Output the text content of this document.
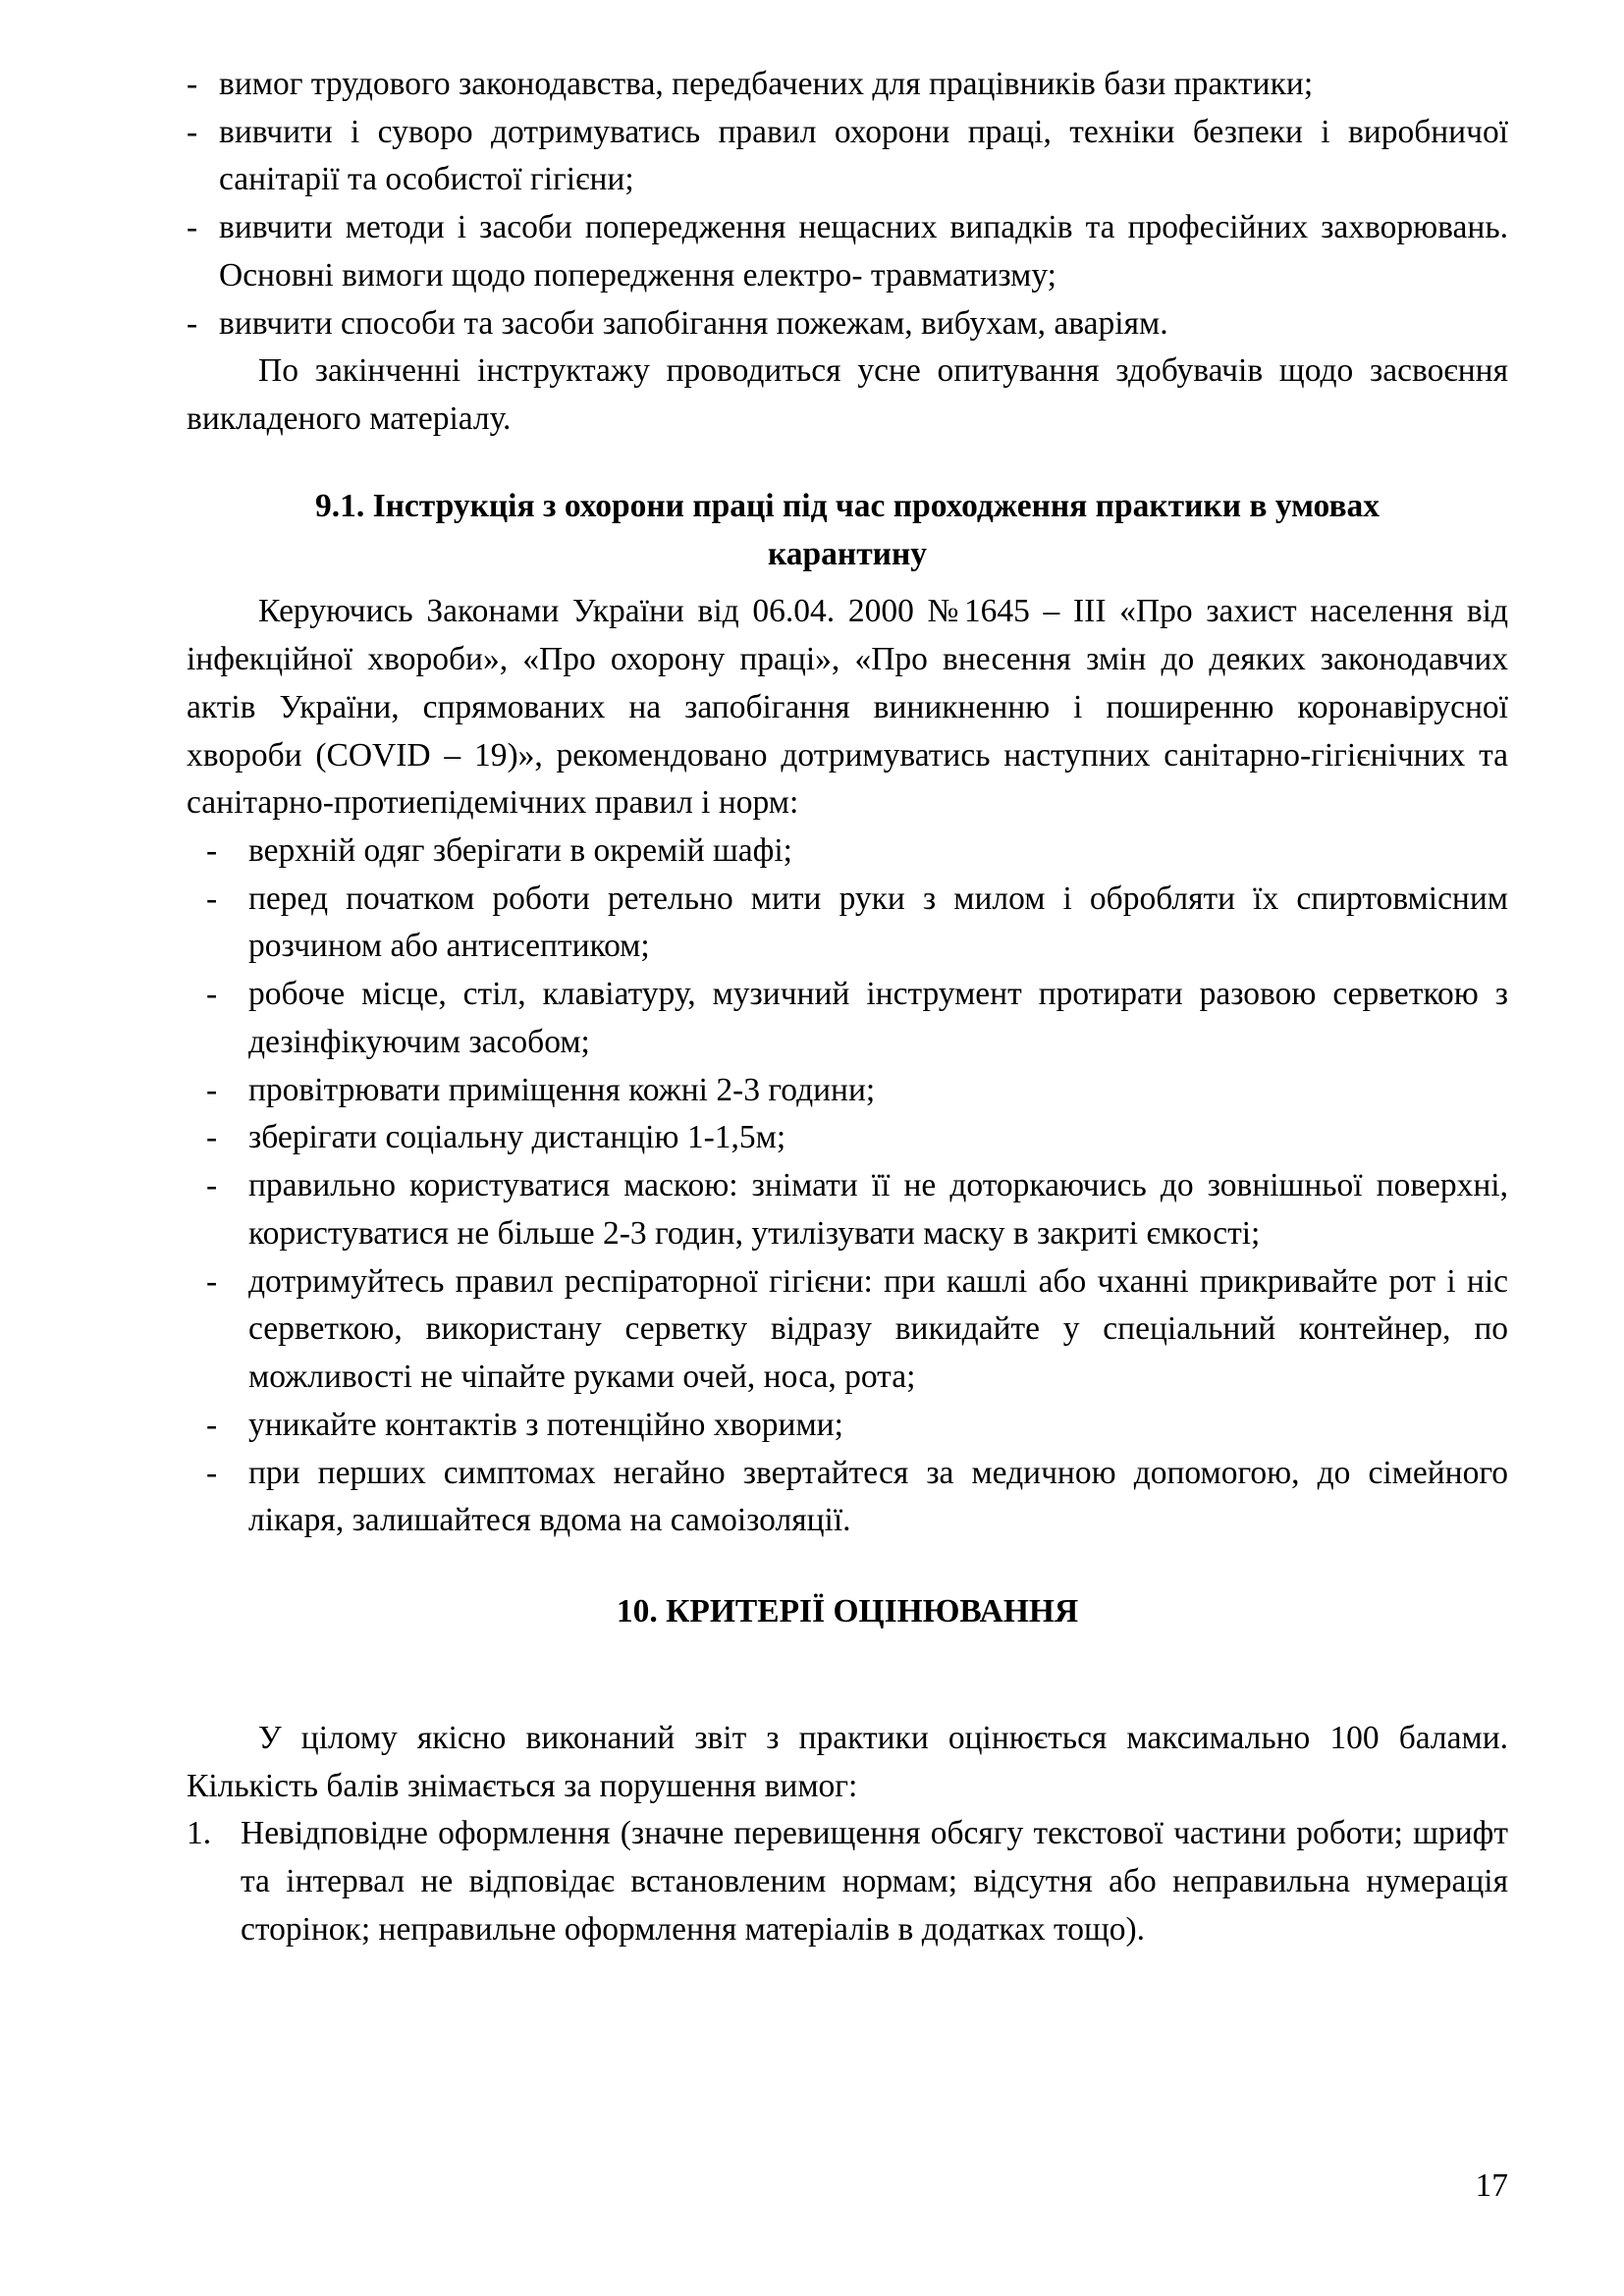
- вимог трудового законодавства, передбачених для працівників бази практики;
- вивчити і суворо дотримуватись правил охорони праці, техніки безпеки і виробничої санітарії та особистої гігієни;
- вивчити методи і засоби попередження нещасних випадків та професійних захворювань. Основні вимоги щодо попередження електро- травматизму;
- вивчити способи та засоби запобігання пожежам, вибухам, аваріям.

По закінченні інструктажу проводиться усне опитування здобувачів щодо засвоєння викладеного матеріалу.

9.1. Інструкція з охорони праці під час проходження практики в умовах
карантину

Керуючись Законами України від 06.04. 2000 №1645 – III «Про захист населення від інфекційної хвороби», «Про охорону праці», «Про внесення змін до деяких законодавчих актів України, спрямованих на запобігання виникненню і поширенню коронавірусної хвороби (COVID – 19)», рекомендовано дотримуватись наступних санітарно-гігієнічних та санітарно-протиепідемічних правил і норм:

- верхній одяг зберігати в окремій шафі;
- перед початком роботи ретельно мити руки з милом і обробляти їх спиртовмісним розчином або антисептиком;
- робоче місце, стіл, клавіатуру, музичний інструмент протирати разовою серветкою з дезінфікуючим засобом;
- провітрювати приміщення кожні 2-3 години;
- зберігати соціальну дистанцію 1-1,5м;
- правильно користуватися маскою: знімати її не доторкаючись до зовнішньої поверхні, користуватися не більше 2-3 годин, утилізувати маску в закриті ємкості;
- дотримуйтесь правил респіраторної гігієни: при кашлі або чханні прикривайте рот і ніс серветкою, використану серветку відразу викидайте у спеціальний контейнер, по можливості не чіпайте руками очей, носа, рота;
- уникайте контактів з потенційно хворими;
- при перших симптомах негайно звертайтеся за медичною допомогою, до сімейного лікаря, залишайтеся вдома на самоізоляції.
10. КРИТЕРІЇ ОЦІНЮВАННЯ

У цілому якісно виконаний звіт з практики оцінюється максимально 100 балами. Кількість балів знімається за порушення вимог:

1. Невідповідне оформлення (значне перевищення обсягу текстової частини роботи; шрифт та інтервал не відповідає встановленим нормам; відсутня або неправильна нумерація сторінок; неправильне оформлення матеріалів в додатках тощо).
17
